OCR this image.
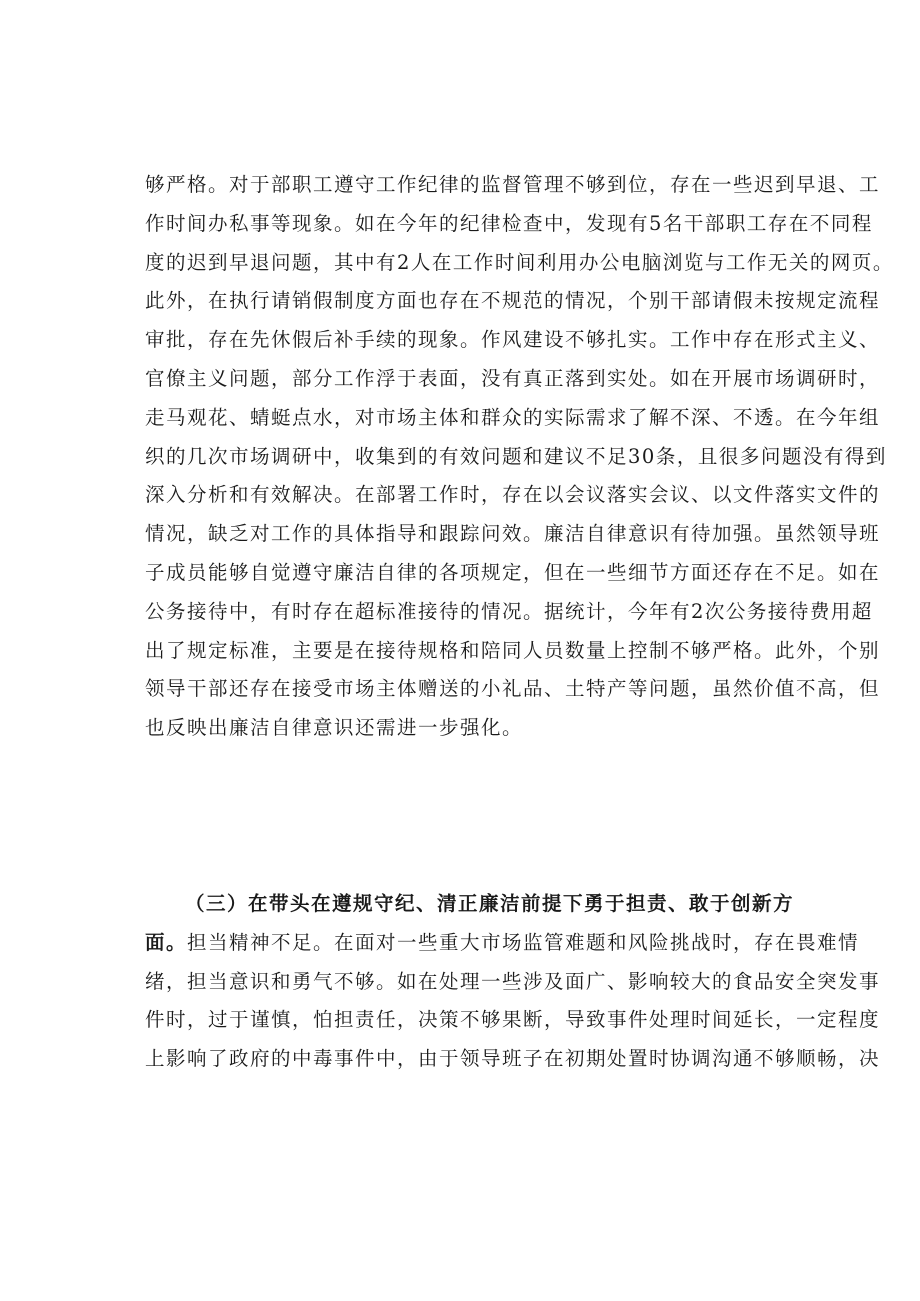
够严格。对于部职工遵守工作纪律的监督管理不够到位，存在一些迟到早退、工
作时间办私事等现象。如在今年的纪律检查中，发现有5名干部职工存在不同程
度的迟到早退问题，其中有2人在工作时间利用办公电脑浏览与工作无关的网页。
此外，在执行请销假制度方面也存在不规范的情况，个别干部请假未按规定流程
审批，存在先休假后补手续的现象。作风建设不够扎实。工作中存在形式主义、
官僚主义问题，部分工作浮于表面，没有真正落到实处。如在开展市场调研时，
走马观花、蜻蜓点水，对市场主体和群众的实际需求了解不深、不透。在今年组
织的几次市场调研中，收集到的有效问题和建议不足30条，且很多问题没有得到
深入分析和有效解决。在部署工作时，存在以会议落实会议、以文件落实文件的
情况，缺乏对工作的具体指导和跟踪问效。廉洁自律意识有待加强。虽然领导班
子成员能够自觉遵守廉洁自律的各项规定，但在一些细节方面还存在不足。如在
公务接待中，有时存在超标准接待的情况。据统计，今年有2次公务接待费用超
出了规定标准，主要是在接待规格和陪同人员数量上控制不够严格。此外，个别
领导干部还存在接受市场主体赠送的小礼品、土特产等问题，虽然价值不高，但
也反映出廉洁自律意识还需进一步强化。
（三）在带头在遵规守纪、清正廉洁前提下勇于担责、敢于创新方
面。担当精神不足。在面对一些重大市场监管难题和风险挑战时，存在畏难情
绪，担当意识和勇气不够。如在处理一些涉及面广、影响较大的食品安全突发事
件时，过于谨慎，怕担责任，决策不够果断，导致事件处理时间延长，一定程度
上影响了政府的中毒事件中，由于领导班子在初期处置时协调沟通不够顺畅，决
